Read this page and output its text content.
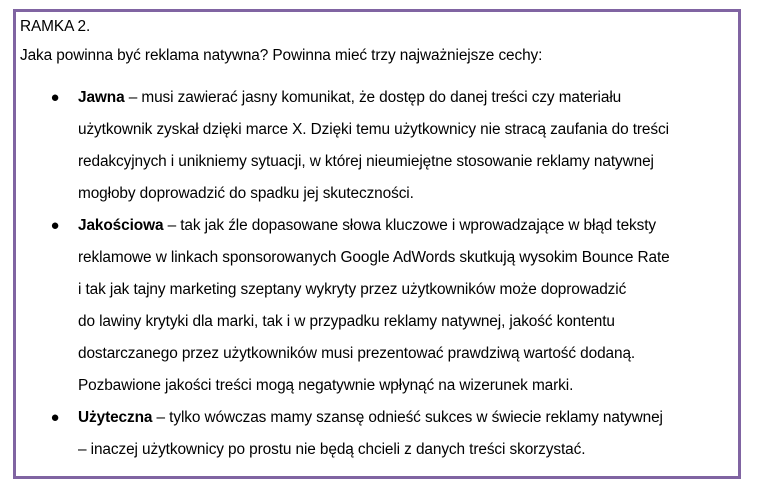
RAMKA 2.
Jaka powinna być reklama natywna? Powinna mieć trzy najważniejsze cechy:
● Jawna – musi zawierać jasny komunikat, że dostęp do danej treści czy materiału
użytkownik zyskał dzięki marce X. Dzięki temu użytkownicy nie stracą zaufania do treści
redakcyjnych i unikniemy sytuacji, w której nieumiejętne stosowanie reklamy natywnej
mogłoby doprowadzić do spadku jej skuteczności.
● Jakościowa – tak jak źle dopasowane słowa kluczowe i wprowadzające w błąd teksty
reklamowe w linkach sponsorowanych Google AdWords skutkują wysokim Bounce Rate
i tak jak tajny marketing szeptany wykryty przez użytkowników może doprowadzić
do lawiny krytyki dla marki, tak i w przypadku reklamy natywnej, jakość kontentu
dostarczanego przez użytkowników musi prezentować prawdziwą wartość dodaną.
Pozbawione jakości treści mogą negatywnie wpłynąć na wizerunek marki.
● Użyteczna – tylko wówczas mamy szansę odnieść sukces w świecie reklamy natywnej
– inaczej użytkownicy po prostu nie będą chcieli z danych treści skorzystać.
